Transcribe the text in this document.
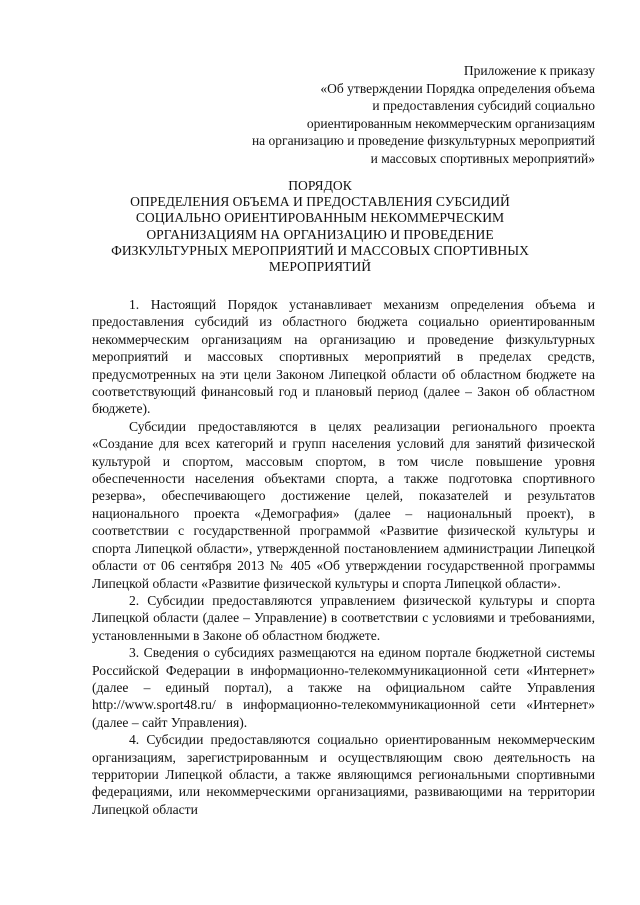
Приложение к приказу
«Об утверждении Порядка определения объема
и предоставления субсидий социально
ориентированным некоммерческим организациям
на организацию и проведение физкультурных мероприятий
и массовых спортивных мероприятий»
ПОРЯДОК
ОПРЕДЕЛЕНИЯ ОБЪЕМА И ПРЕДОСТАВЛЕНИЯ СУБСИДИЙ
СОЦИАЛЬНО ОРИЕНТИРОВАННЫМ НЕКОММЕРЧЕСКИМ
ОРГАНИЗАЦИЯМ НА ОРГАНИЗАЦИЮ И ПРОВЕДЕНИЕ
ФИЗКУЛЬТУРНЫХ МЕРОПРИЯТИЙ И МАССОВЫХ СПОРТИВНЫХ
МЕРОПРИЯТИЙ

1. Настоящий Порядок устанавливает механизм определения объема и предоставления субсидий из областного бюджета социально ориентированным некоммерческим организациям на организацию и проведение физкультурных мероприятий и массовых спортивных мероприятий в пределах средств, предусмотренных на эти цели Законом Липецкой области об областном бюджете на соответствующий финансовый год и плановый период (далее – Закон об областном бюджете).

Субсидии предоставляются в целях реализации регионального проекта «Создание для всех категорий и групп населения условий для занятий физической культурой и спортом, массовым спортом, в том числе повышение уровня обеспеченности населения объектами спорта, а также подготовка спортивного резерва», обеспечивающего достижение целей, показателей и результатов национального проекта «Демография» (далее – национальный проект), в соответствии с государственной программой «Развитие физической культуры и спорта Липецкой области», утвержденной постановлением администрации Липецкой области от 06 сентября 2013 № 405 «Об утверждении государственной программы Липецкой области «Развитие физической культуры и спорта Липецкой области».

2. Субсидии предоставляются управлением физической культуры и спорта Липецкой области (далее – Управление) в соответствии с условиями и требованиями, установленными в Законе об областном бюджете.

3. Сведения о субсидиях размещаются на едином портале бюджетной системы Российской Федерации в информационно-телекоммуникационной сети «Интернет» (далее – единый портал), а также на официальном сайте Управления http://www.sport48.ru/ в информационно-телекоммуникационной сети «Интернет» (далее – сайт Управления).

4. Субсидии предоставляются социально ориентированным некоммерческим организациям, зарегистрированным и осуществляющим свою деятельность на территории Липецкой области, а также являющимся региональными спортивными федерациями, или некоммерческими организациями, развивающими на территории Липецкой области
